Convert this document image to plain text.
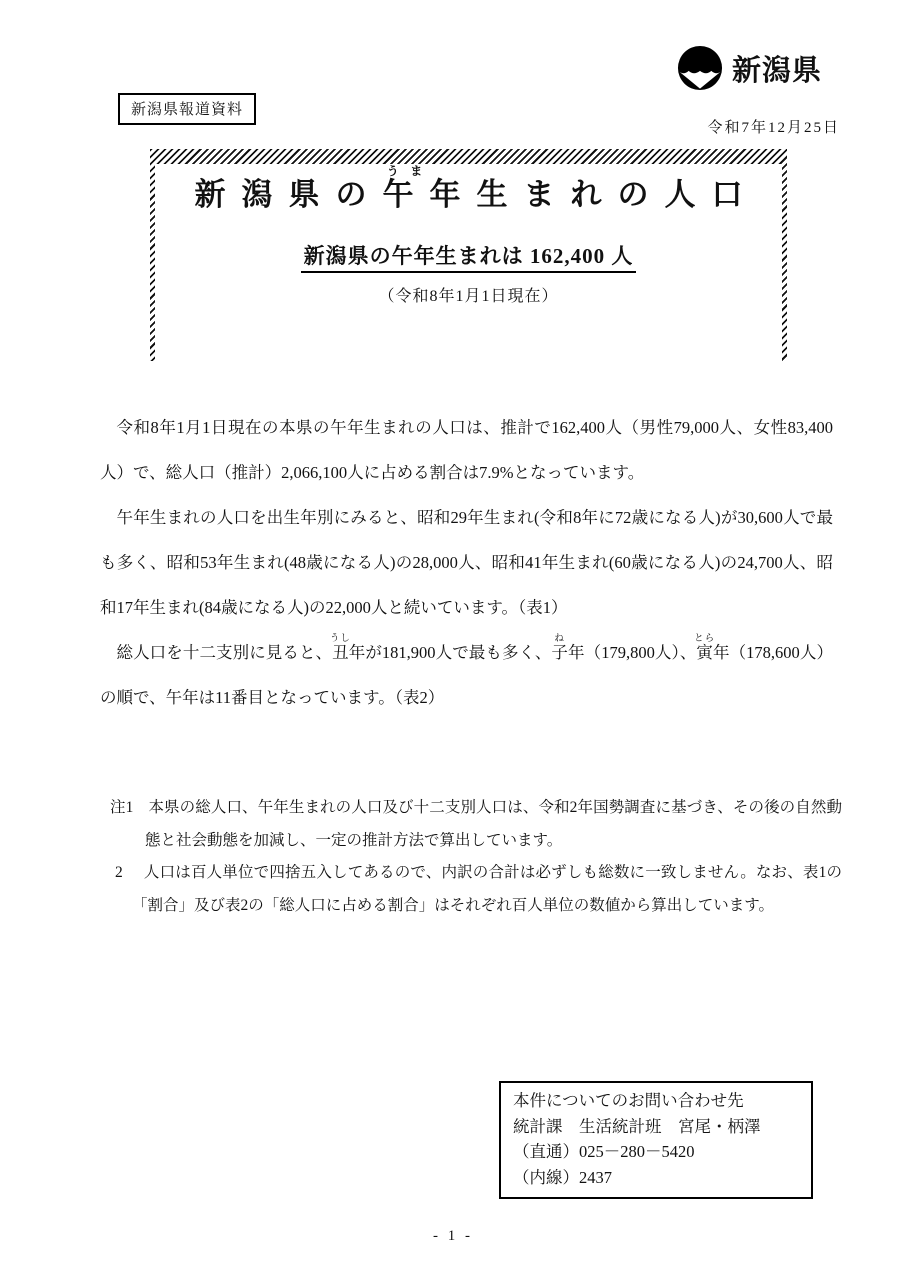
新潟県
新潟県報道資料
令和7年12月25日
新潟県の午うま年生まれの人口
新潟県の午年生まれは 162,400 人
（令和8年1月1日現在）

令和8年1月1日現在の本県の午年生まれの人口は、推計で162,400人（男性79,000人、女性83,400人）で、総人口（推計）2,066,100人に占める割合は7.9%となっています。

午年生まれの人口を出生年別にみると、昭和29年生まれ(令和8年に72歳になる人)が30,600人で最も多く、昭和53年生まれ(48歳になる人)の28,000人、昭和41年生まれ(60歳になる人)の24,700人、昭和17年生まれ(84歳になる人)の22,000人と続いています。（表1）

総人口を十二支別に見ると、丑うし年が181,900人で最も多く、子ね年（179,800人）、寅とら年（178,600人）の順で、午年は11番目となっています。（表2）

注1 本県の総人口、午年生まれの人口及び十二支別人口は、令和2年国勢調査に基づき、その後の自然動態と社会動態を加減し、一定の推計方法で算出しています。

2 人口は百人単位で四捨五入してあるので、内訳の合計は必ずしも総数に一致しません。なお、表1の「割合」及び表2の「総人口に占める割合」はそれぞれ百人単位の数値から算出しています。

本件についてのお問い合わせ先
統計課　生活統計班　宮尾・柄澤
（直通）025－280－5420
（内線）2437
- 1 -
